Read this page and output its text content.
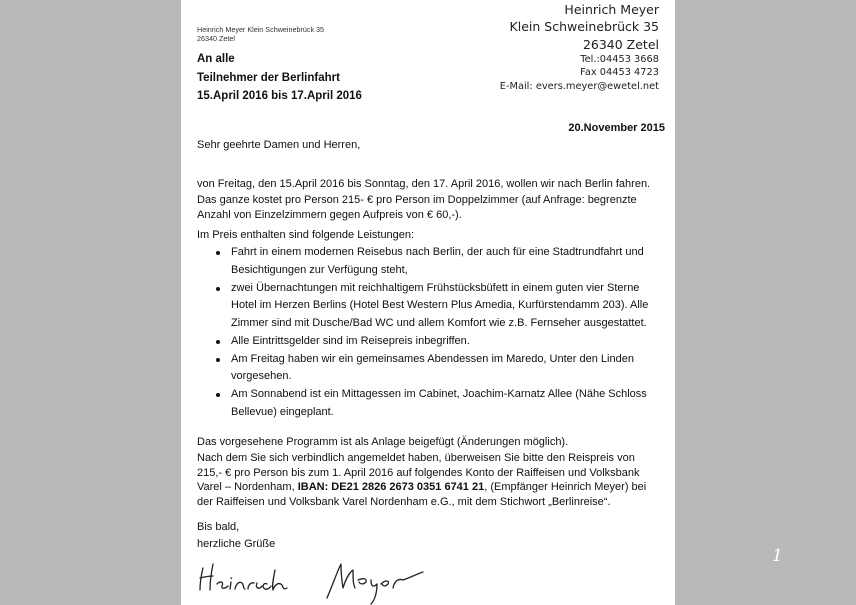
Heinrich Meyer Klein Schweinebrück 35
26340 Zetel
An alle
Teilnehmer der Berlinfahrt
15.April 2016 bis 17.April 2016
Heinrich Meyer
Klein Schweinebrück 35
26340 Zetel
Tel.:04453 3668
Fax 04453 4723
E-Mail: evers.meyer@ewetel.net
20.November 2015
Sehr geehrte Damen und Herren,
von Freitag, den 15.April 2016 bis Sonntag, den 17. April 2016, wollen wir nach Berlin fahren.
Das ganze kostet pro Person 215- € pro Person im Doppelzimmer (auf Anfrage: begrenzte
Anzahl von Einzelzimmern gegen Aufpreis von € 60,-).
Im Preis enthalten sind folgende Leistungen:
Fahrt in einem modernen Reisebus nach Berlin, der auch für eine Stadtrundfahrt und
Besichtigungen zur Verfügung steht,
zwei Übernachtungen mit reichhaltigem Frühstücksbüfett in einem guten vier Sterne
Hotel im Herzen Berlins (Hotel Best Western Plus Amedia, Kurfürstendamm 203). Alle
Zimmer sind mit Dusche/Bad WC und allem Komfort wie z.B. Fernseher ausgestattet.
Alle Eintrittsgelder sind im Reisepreis inbegriffen.
Am Freitag haben wir ein gemeinsames Abendessen im Maredo, Unter den Linden
vorgesehen.
Am Sonnabend ist ein Mittagessen im Cabinet, Joachim-Karnatz Allee (Nähe Schloss
Bellevue) eingeplant.
Das vorgesehene Programm ist als Anlage beigefügt (Änderungen möglich).
Nach dem Sie sich verbindlich angemeldet haben, überweisen Sie bitte den Reispreis von
215,- € pro Person bis zum 1. April 2016 auf folgendes Konto der Raiffeisen und Volksbank
Varel – Nordenham, IBAN: DE21 2826 2673 0351 6741 21, (Empfänger Heinrich Meyer) bei
der Raiffeisen und Volksbank Varel Nordenham e.G., mit dem Stichwort „Berlinreise“.
Bis bald,
herzliche Grüße
1
